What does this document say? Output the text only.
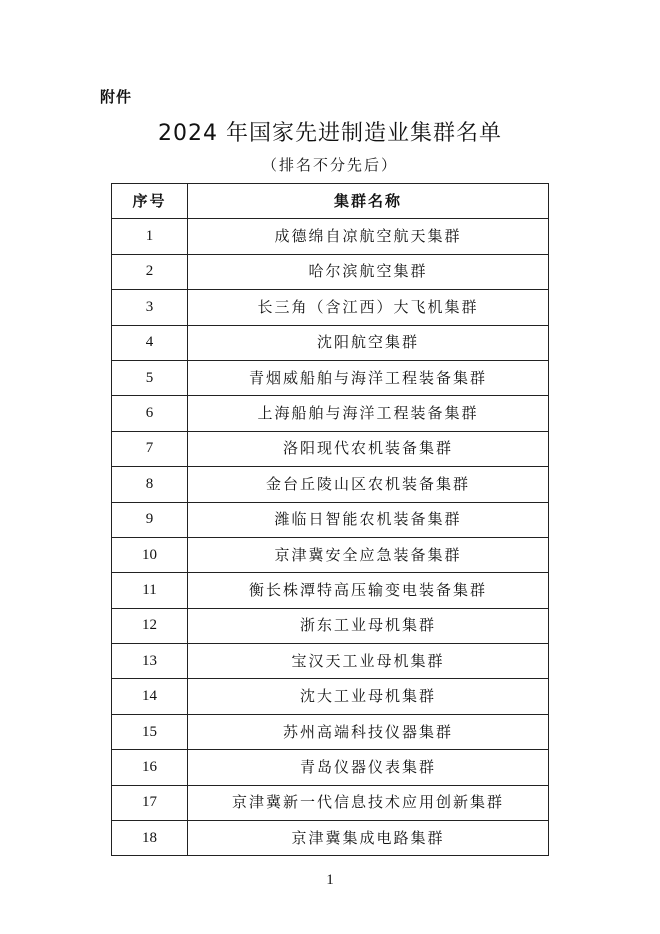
附件
2024 年国家先进制造业集群名单
（排名不分先后）
序号	集群名称
1	成德绵自凉航空航天集群
2	哈尔滨航空集群
3	长三角（含江西）大飞机集群
4	沈阳航空集群
5	青烟威船舶与海洋工程装备集群
6	上海船舶与海洋工程装备集群
7	洛阳现代农机装备集群
8	金台丘陵山区农机装备集群
9	潍临日智能农机装备集群
10	京津冀安全应急装备集群
11	衡长株潭特高压输变电装备集群
12	浙东工业母机集群
13	宝汉天工业母机集群
14	沈大工业母机集群
15	苏州高端科技仪器集群
16	青岛仪器仪表集群
17	京津冀新一代信息技术应用创新集群
18	京津冀集成电路集群
1
